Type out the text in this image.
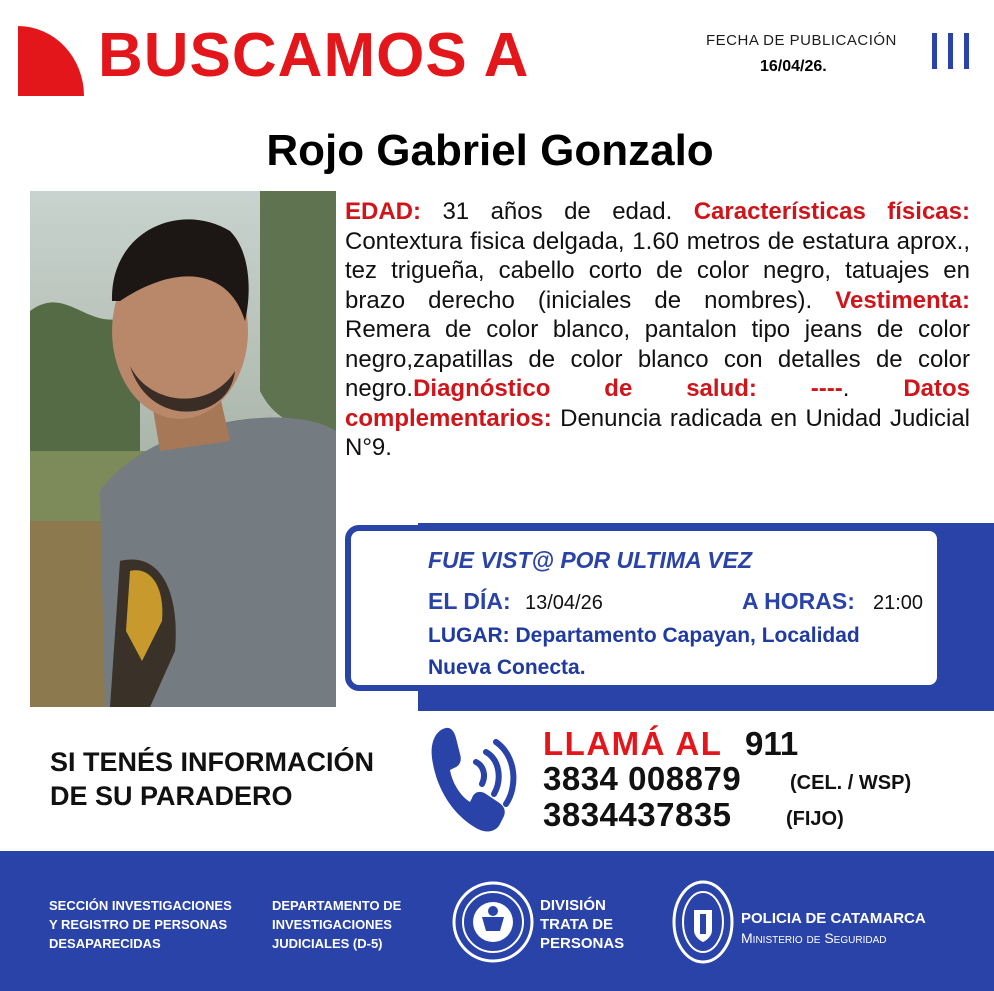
BUSCAMOS A	FECHA DE PUBLICACIÓN
16/04/26.
Rojo Gabriel Gonzalo
EDAD: 31 años de edad. Características físicas: Contextura fisica delgada, 1.60 metros de estatura aprox., tez trigueña, cabello corto de color negro, tatuajes en brazo derecho (iniciales de nombres). Vestimenta: Remera de color blanco, pantalon tipo jeans de color negro,zapatillas de color blanco con detalles de color negro.Diagnóstico de salud: ----. Datos complementarios: Denuncia radicada en Unidad Judicial N°9.
FUE VIST@ POR ULTIMA VEZ
EL DÍA: 13/04/26	A HORAS: 21:00
LUGAR: Departamento Capayan, Localidad Nueva Conecta.
SI TENÉS INFORMACIÓN
DE SU PARADERO
LLAMÁ AL 911
3834 008879 (CEL. / WSP)
3834437835	(FIJO)
SECCIÓN INVESTIGACIONES
Y REGISTRO DE PERSONAS
DESAPARECIDAS
DEPARTAMENTO DE
INVESTIGACIONES
JUDICIALES (D-5)
DIVISIÓN
TRATA DE
PERSONAS
POLICIA DE CATAMARCA
Ministerio de Seguridad
